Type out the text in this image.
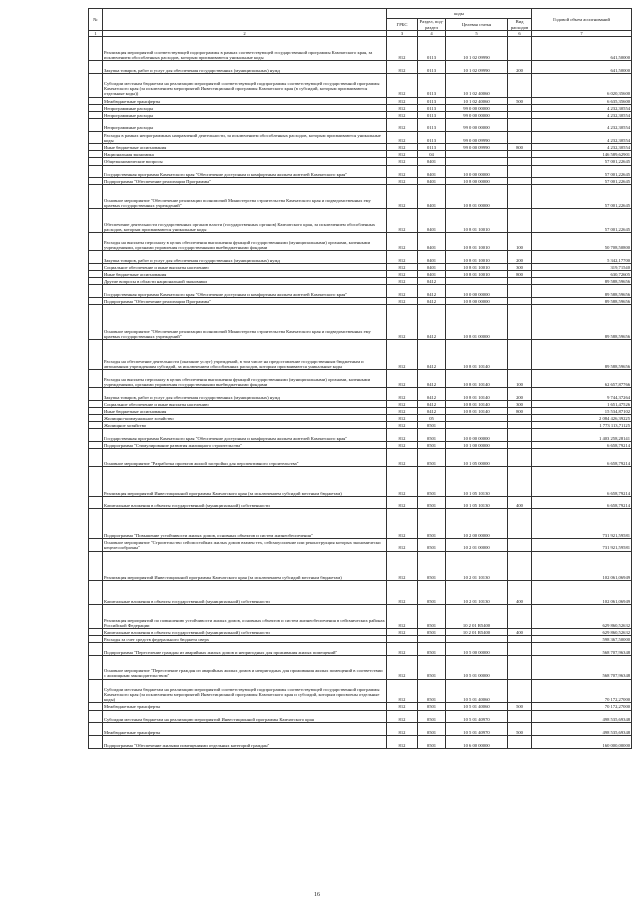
№		коды				Годовой объем ассигнований
		ГРБС	Раздел, под-раздел	Целевая статья	Вид расходов	
1	2	3	4	5	6	7
	Реализация мероприятий соответствующей подпрограммы в рамках соответствующей государственной программы Камчатского края, за исключением обособленных расходов, которым присваиваются уникальные коды	812	0113	10 1 02 09990		641,50000
	Закупка товаров, работ и услуг для обеспечения государственных (муниципальных) нужд	812	0113	10 1 02 09990	200	641,50000
	Субсидии местным бюджетам на реализацию мероприятий соответствующей подпрограммы соответствующей государственной программы Камчатского края (за исключением мероприятий Инвестиционной программы Камчатского края (в субсидий, которым присваиваются отдельные коды))	812	0113	10 1 02 40060		6 020,35600
	Межбюджетные трансферты	812	0113	10 1 02 40060	500	6 635,35600
	Непрограммные расходы	812	0113	99 0 00 00000		4 232,30554
	Непрограммные расходы	812	0113	99 0 00 00000		4 232,30554
	Непрограммные расходы	812	0113	99 0 00 00000		4 232,30554
	Расходы в рамках непрограммных направлений деятельности, за исключением обособленных расходов, которым присваиваются уникальные коды	812	0113	99 0 00 09990		4 232,30554
	Иные бюджетные ассигнования	812	0113	99 0 00 09990	800	4 232,30554
	Национальная экономика	812	04			146 589,62901
	Общеэкономические вопросы	812	0401			57 001,22645
	Государственная программа Камчатского края "Обеспечение доступным и комфортным жильем жителей Камчатского края"	812	0401	10 0 00 00000		57 001,22645
	Подпрограмма "Обеспечение реализации Программы"	812	0401	10 8 00 00000		57 001,22645
	Основное мероприятие "Обеспечение реализации полномочий Министерства строительства Камчатского края и подведомственных ему краевых государственных учреждений"	812	0401	10 8 01 00000		57 001,22645
	Обеспечение деятельности государственных органов власти (государственных органов) Камчатского края, за исключением обособленных расходов, которым присваиваются уникальные коды	812	0401	10 8 01 10010		57 001,22645
	Расходы на выплаты персоналу в целях обеспечения выполнения функций государственными (муниципальными) органами, казенными учреждениями, органами управления государственными внебюджетными фондами	812	0401	10 8 01 10010	100	50 708,50800
	Закупка товаров, работ и услуг для обеспечения государственных (муниципальных) нужд	812	0401	10 8 01 10010	200	5 342,17700
	Социальное обеспечение и иные выплаты населению	812	0401	10 8 01 10010	300	319,71540
	Иные бюджетные ассигнования	812	0401	10 8 01 10010	800	630,72605
	Другие вопросы в области национальной экономики	812	0412			89 588,59656
	Государственная программа Камчатского края "Обеспечение доступным и комфортным жильем жителей Камчатского края"	812	0412	10 0 00 00000		89 588,59656
	Подпрограмма "Обеспечение реализации Программы"	812	0412	10 8 00 00000		89 588,59656
	Основное мероприятие "Обеспечение реализации полномочий Министерства строительства Камчатского края и подведомственных ему краевых государственных учреждений"	812	0412	10 8 01 00000		89 588,59656
	Расходы на обеспечение деятельности (оказание услуг) учреждений, в том числе на предоставление государственным бюджетным и автономным учреждениям субсидий, за исключением обособленных расходов, которым присваиваются уникальные коды	812	0412	10 8 01 10140		89 588,59656
	Расходы на выплаты персоналу в целях обеспечения выполнения функций государственными (муниципальными) органами, казенными учреждениями, органами управления государственными внебюджетными фондами	812	0412	10 8 01 10140	100	62 657,87766
	Закупка товаров, работ и услуг для обеспечения государственных (муниципальных) нужд	812	0412	10 8 01 10140	200	9 744,37264
	Социальное обеспечение и иные выплаты населению	812	0412	10 8 01 10140	300	1 651,47526
	Иные бюджетные ассигнования	812	0412	10 8 01 10140	800	15 534,87102
	Жилищно-коммунальное хозяйство	812	05			2 084 426,39225
	Жилищное хозяйство	812	0501			1 773 113,71125
	Государственная программа Камчатского края "Обеспечение доступным и комфортным жильем жителей Камчатского края"	812	0501	10 0 00 00000		1 403 258,28141
	Подпрограмма "Стимулирование развития жилищного строительства"	812	0501	10 1 00 00000		6 658,79214
	Основное мероприятие "Разработка проектов жилой застройки для перспективного строительства"	812	0501	10 1 05 00000		6 658,79214
	Реализация мероприятий Инвестиционной программы Камчатского края (за исключением субсидий местным бюджетам)	812	0501	10 1 05 10130		6 658,79214
	Капитальные вложения в объекты государственной (муниципальной) собственности	812	0501	10 1 05 10130	400	6 658,79214
	Подпрограмма "Повышение устойчивости жилых домов, основных объектов и систем жизнеобеспечения"	812	0501	10 2 00 00000		731 921,59581
	Основное мероприятие "Строительство сейсмостойких жилых домов взамен тех, сейсмоусиление или реконструкция которых экономически нецелесообразны"	812	0501	10 2 01 00000		731 921,59581
	Реализация мероприятий Инвестиционной программы Камчатского края (за исключением субсидий местным бюджетам)	812	0501	10 2 01 10130		102 061,06949
	Капитальные вложения в объекты государственной (муниципальной) собственности	812	0501	10 2 01 10130	400	102 061,06949
	Реализация мероприятий по повышению устойчивости жилых домов, основных объектов и систем жизнеобеспечения в сейсмических районах Российской Федерации	812	0501	10 2 01 R5400		629 860,52632
	Капитальные вложения в объекты государственной (муниципальной) собственности	812	0501	10 2 01 R5400	400	629 860,52632
	Расходы за счет средств федерального бюджета сверх					598 367,50000
	Подпрограмма "Переселение граждан из аварийных жилых домов и непригодных для проживания жилых помещений"	812	0501	10 5 00 00000		568 707,96348
	Основное мероприятие "Переселение граждан из аварийных жилых домов и непригодных для проживания жилых помещений в соответствии с жилищным законодательством"	812	0501	10 5 01 00000		568 707,96348
	Субсидии местным бюджетам на реализацию мероприятий соответствующей подпрограммы соответствующей государственной программы Камчатского края (за исключением мероприятий Инвестиционной программы Камчатского края и субсидий, которым присвоены отдельные коды)	812	0501	10 5 01 40060		70 172,27000
	Межбюджетные трансферты	812	0501	10 5 01 40060	500	70 172,27000
	Субсидии местным бюджетам на реализацию мероприятий Инвестиционной программы Камчатского края	812	0501	10 5 01 40970		498 535,69348
	Межбюджетные трансферты	812	0501	10 5 01 40970	500	498 535,69348
	Подпрограмма "Обеспечение жилыми помещениями отдельных категорий граждан"	812	0501	10 6 00 00000		160 000,00000
16
